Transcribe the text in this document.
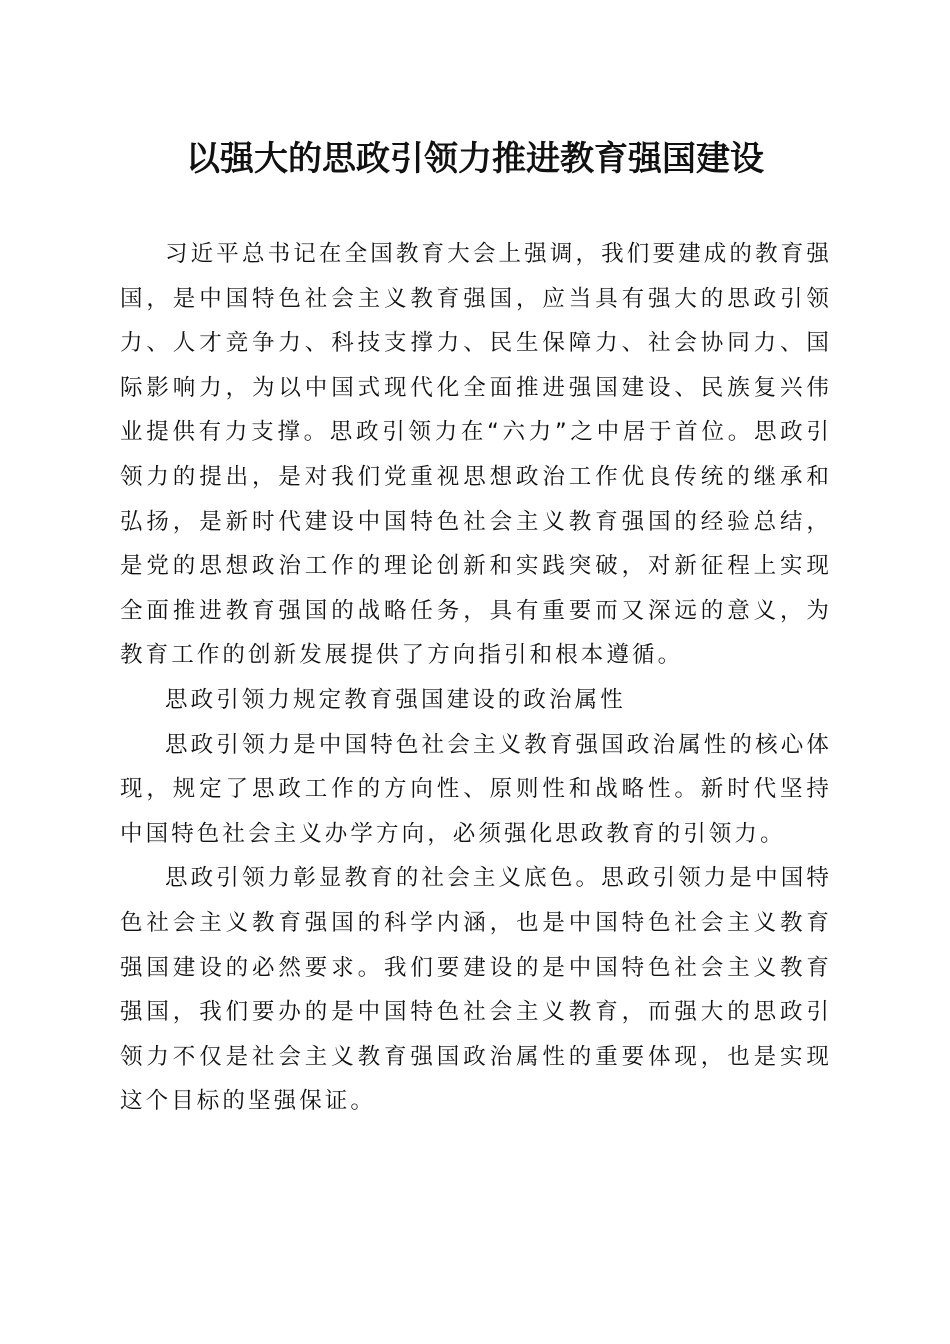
以强大的思政引领力推进教育强国建设

习近平总书记在全国教育大会上强调，我们要建成的教育强国，是中国特色社会主义教育强国，应当具有强大的思政引领力、人才竞争力、科技支撑力、民生保障力、社会协同力、国际影响力，为以中国式现代化全面推进强国建设、民族复兴伟业提供有力支撑。思政引领力在“六力”之中居于首位。思政引领力的提出，是对我们党重视思想政治工作优良传统的继承和弘扬，是新时代建设中国特色社会主义教育强国的经验总结，是党的思想政治工作的理论创新和实践突破，对新征程上实现全面推进教育强国的战略任务，具有重要而又深远的意义，为教育工作的创新发展提供了方向指引和根本遵循。

思政引领力规定教育强国建设的政治属性

思政引领力是中国特色社会主义教育强国政治属性的核心体现，规定了思政工作的方向性、原则性和战略性。新时代坚持中国特色社会主义办学方向，必须强化思政教育的引领力。

思政引领力彰显教育的社会主义底色。思政引领力是中国特色社会主义教育强国的科学内涵，也是中国特色社会主义教育强国建设的必然要求。我们要建设的是中国特色社会主义教育强国，我们要办的是中国特色社会主义教育，而强大的思政引领力不仅是社会主义教育强国政治属性的重要体现，也是实现这个目标的坚强保证。
